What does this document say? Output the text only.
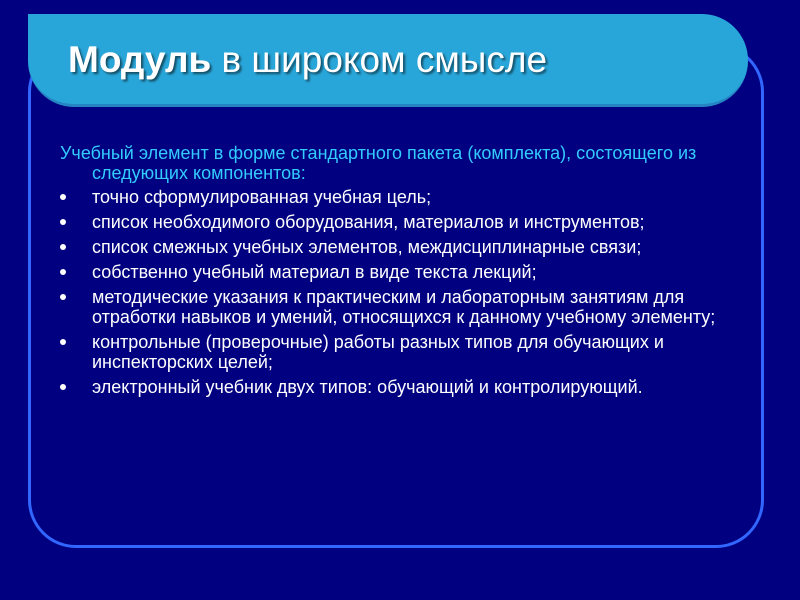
Модуль в широком смысле

Учебный элемент в форме стандартного пакета (комплекта), состоящего из следующих компонентов:

точно сформулированная учебная цель;
список необходимого оборудования, материалов и инструментов;
список смежных учебных элементов, междисциплинарные связи;
собственно учебный материал в виде текста лекций;
методические указания к практическим и лабораторным занятиям для отработки навыков и умений, относящихся к данному учебному элементу;
контрольные (проверочные) работы разных типов для обучающих и инспекторских целей;
электронный учебник двух типов: обучающий и контролирующий.
